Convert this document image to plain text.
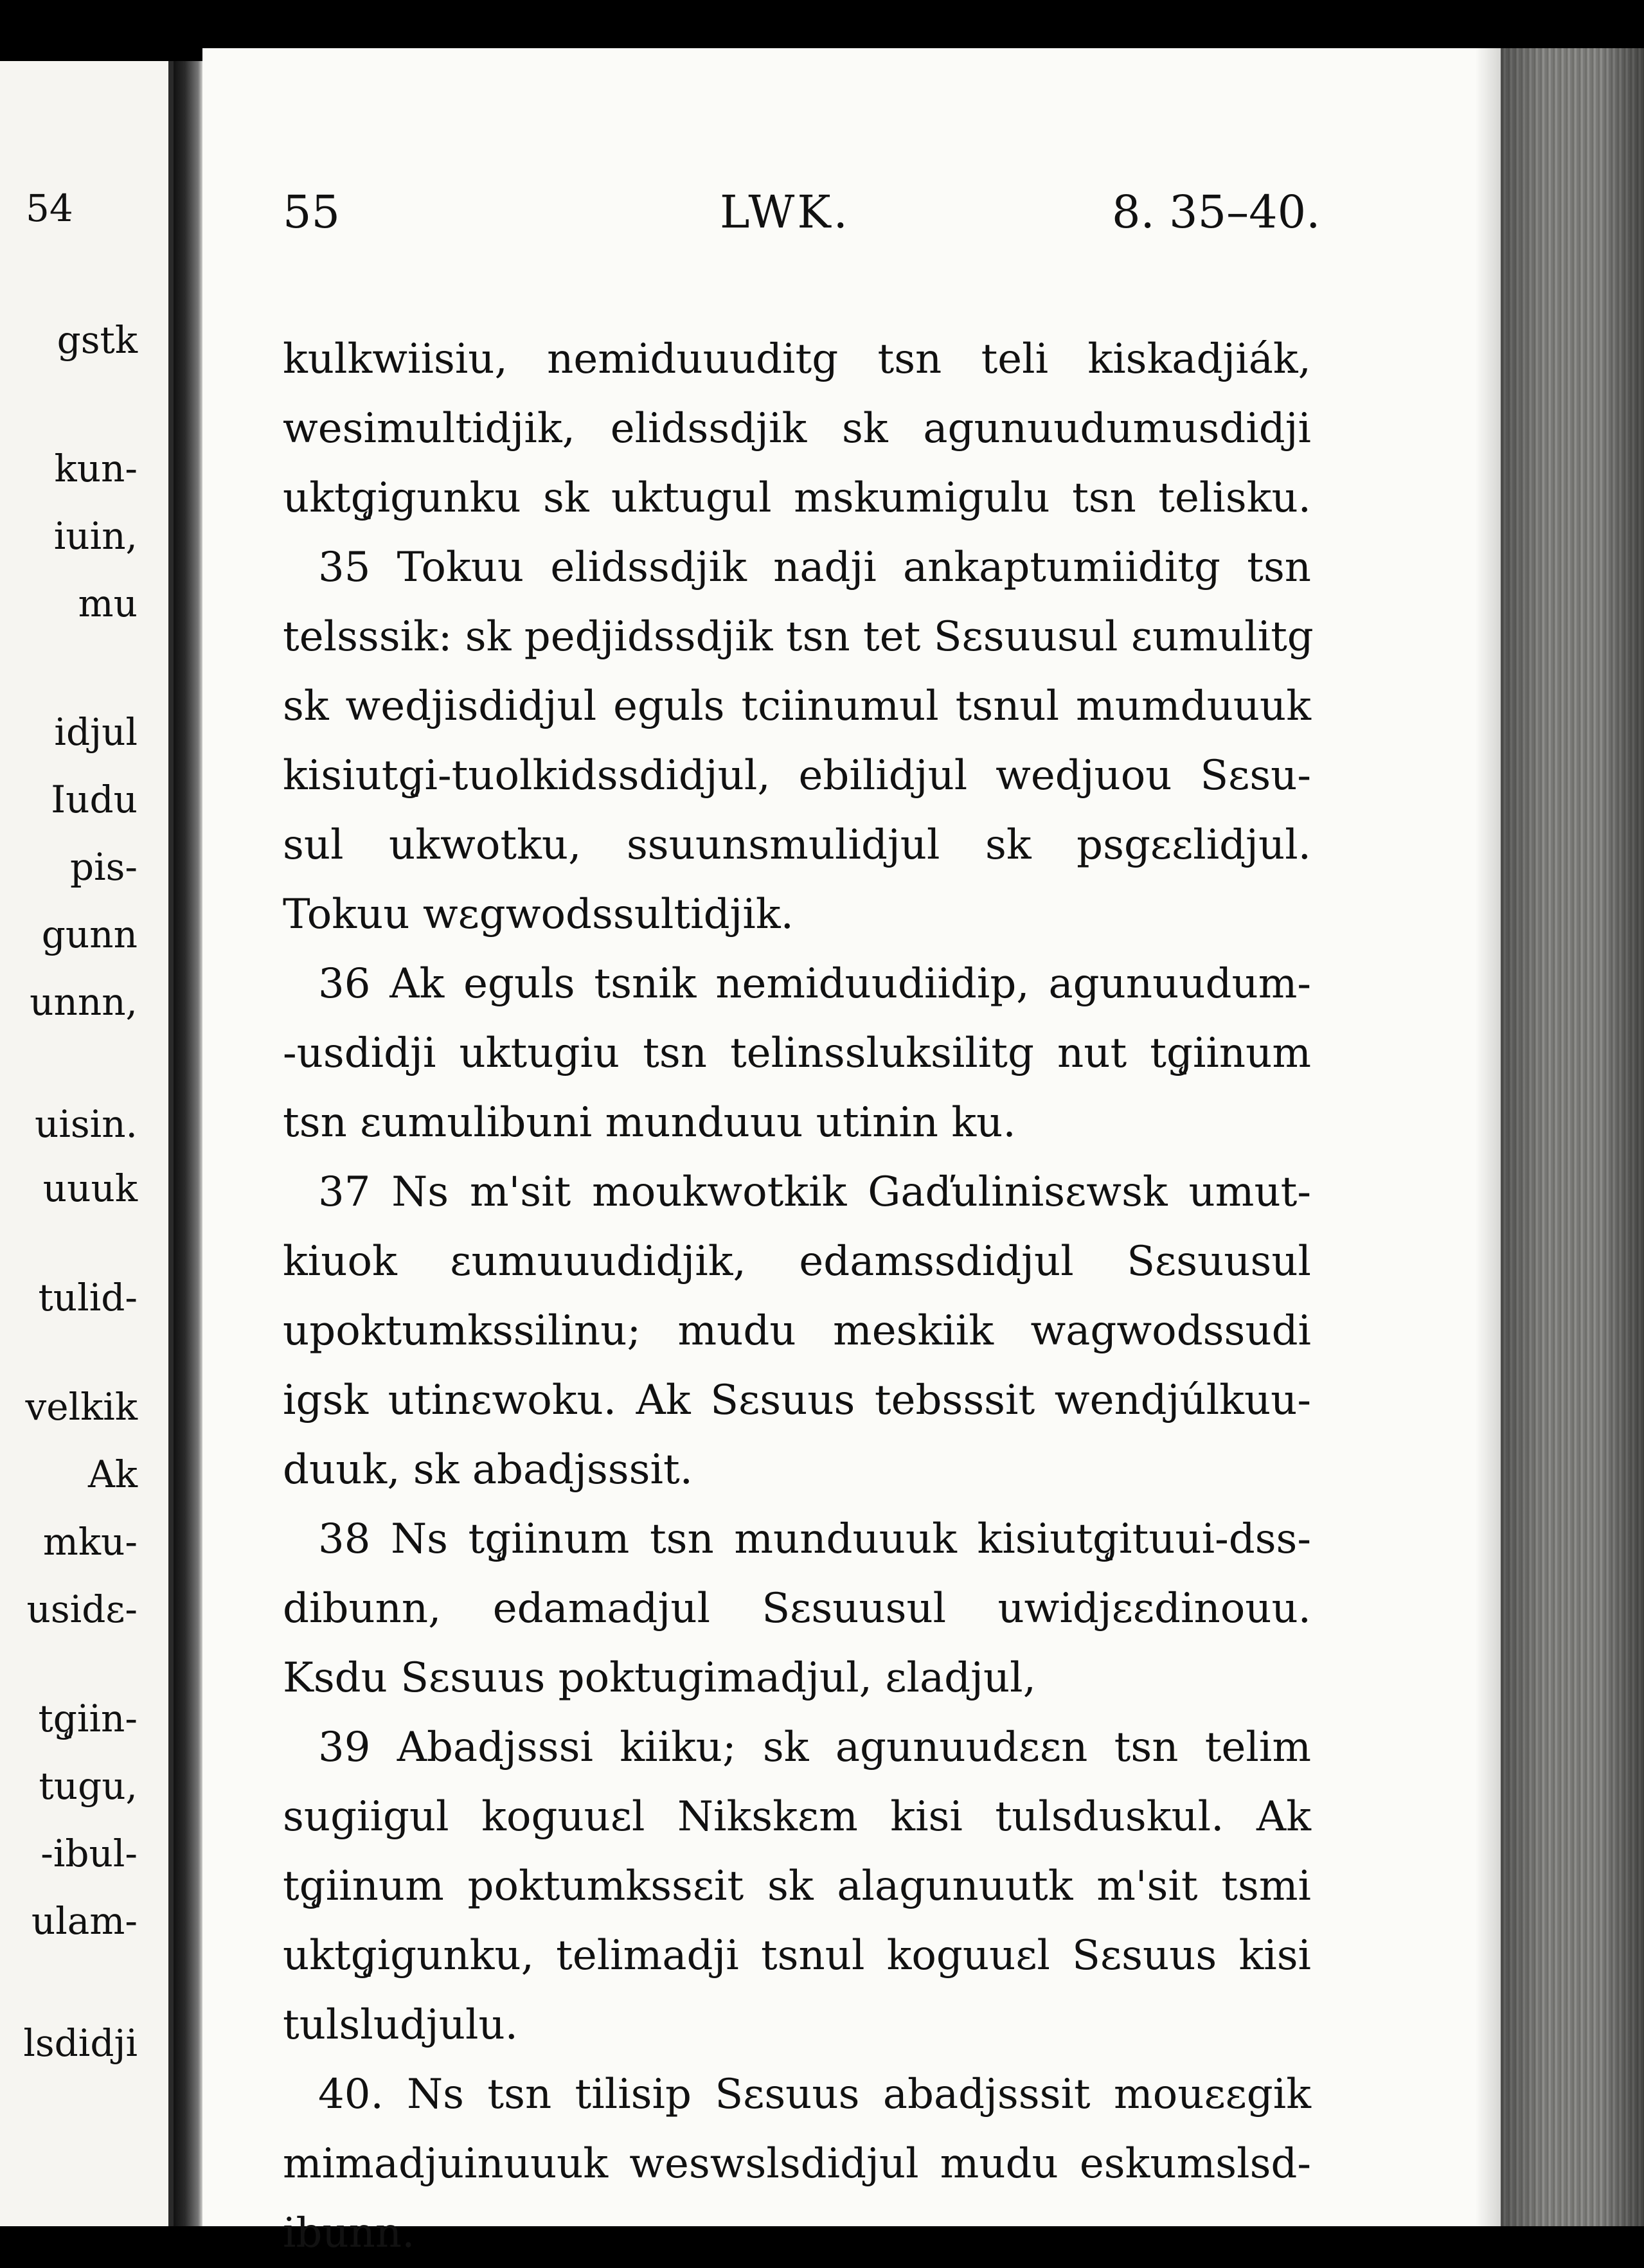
54
gstk
kun-
iuin,
mu
idjul
Iudu
pis-
gunn
unnn,
uisin.
uuuk
tulid-
velkik
Ak
mku-
usidε-
tg̨iin-
tugu,
-ibul-
ulam-
lsdidji
55	LWK.	8. 35–40.
kulkwiisiu, nemiduuuditg tsn teli kiskadjiák,
wesimultidjik, elidssdjik sk agunuudumusdidji
uktg̨igunku sk uktugul mskumigulu tsn telisku.
35 Tokuu elidssdjik nadji ankaptumiiditg tsn
telsssik: sk pedjidssdjik tsn tet Sεsuusul εumulitg
sk wedjisdidjul eguls tciinumul tsnul mumduuuk
kisiutg̨i-tuolkidssdidjul, ebilidjul wedjuou Sεsu-
sul ukwotku, ssuunsmulidjul sk psgεεlidjul.
Tokuu wεgwodssultidjik.
36 Ak eguls tsnik nemiduudiidip, agunuudum-
-usdidji uktugiu tsn telinssluksilitg nut tg̨iinum
tsn εumulibuni munduuu utinin ku.
37 Ns m'sit moukwotkik Gaďulinisεwsk umut-
kiuok εumuuudidjik, edamssdidjul Sεsuusul
upoktumkssilinu; mudu meskiik wagwodssudi
igsk utinεwoku. Ak Sεsuus tebsssit wendjúlkuu-
duuk, sk abadjsssit.
38 Ns tg̨iinum tsn munduuuk kisiutg̨ituui-dss-
dibunn, edamadjul Sεsuusul uwidjεεdinouu.
Ksdu Sεsuus poktugimadjul, εladjul,
39 Abadjsssi kiiku; sk agunuudεεn tsn telim
sugiigul koguuεl Nikskεm kisi tulsduskul. Ak
tg̨iinum poktumkssεit sk alagunuutk m'sit tsmi
uktg̨igunku, telimadji tsnul koguuεl Sεsuus kisi
tulsludjulu.
40. Ns tsn tilisip Sεsuus abadjsssit mouεεgik
mimadjuinuuuk weswslsdidjul mudu eskumslsd-
ibunn.
